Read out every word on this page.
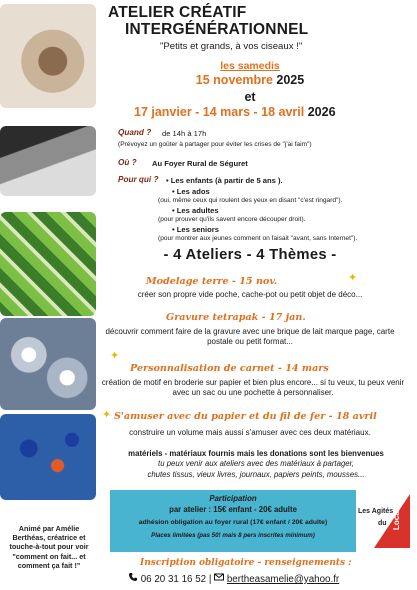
Animé par Amélie Berthéas, créatrice et touche-à-tout pour voir "comment on fait... et comment ça fait !"
ATELIER CRÉATIF
INTERGÉNÉRATIONNEL
"Petits et grands, à vos ciseaux !"
les samedis
15 novembre 2025
et
17 janvier - 14 mars - 18 avril 2026
Quand ? de 14h à 17h
(Prévoyez un goûter à partager pour éviter les crises de "j'ai faim")
Où ? Au Foyer Rural de Séguret
Pour qui ? • Les enfants (à partir de 5 ans ).
• Les ados
(oui, même ceux qui roulent des yeux en disant "c'est ringard").
• Les adultes
(pour prouver qu'ils savent encore découper droit).
• Les seniors
(pour montrer aux jeunes comment on faisait "avant, sans Internet").
- 4 Ateliers - 4 Thèmes -
Modelage terre - 15 nov.	✦
créer son propre vide poche, cache-pot ou petit objet de déco...
Gravure tetrapak - 17 jan.
découvrir comment faire de la gravure avec une brique de lait marque page, carte postale ou petit format...
✦
Personnalisation de carnet - 14 mars
création de motif en broderie sur papier et bien plus encore... si tu veux, tu peux venir avec un sac ou une pochette à personnaliser.
S'amuser avec du papier et du fil de fer - 18 avril
✦
construire un volume mais aussi s'amuser avec ces deux matériaux.
matériels - matériaux fournis mais les donations sont les bienvenues
tu peux venir aux ateliers avec des matériaux à partager,
chutes tissus, vieux livres, journaux, papiers peints, mousses...
Participation
par atelier : 15€ enfant - 20€ adulte
adhésion obligation au foyer rural (17€ enfant / 20€ adulte)
Places limitées (pas 50! mais 8 pers inscrites minimum)
Les Agités
du Local
Inscription obligatoire - renseignements :
06 20 31 16 52 |  bertheasamelie@yahoo.fr
